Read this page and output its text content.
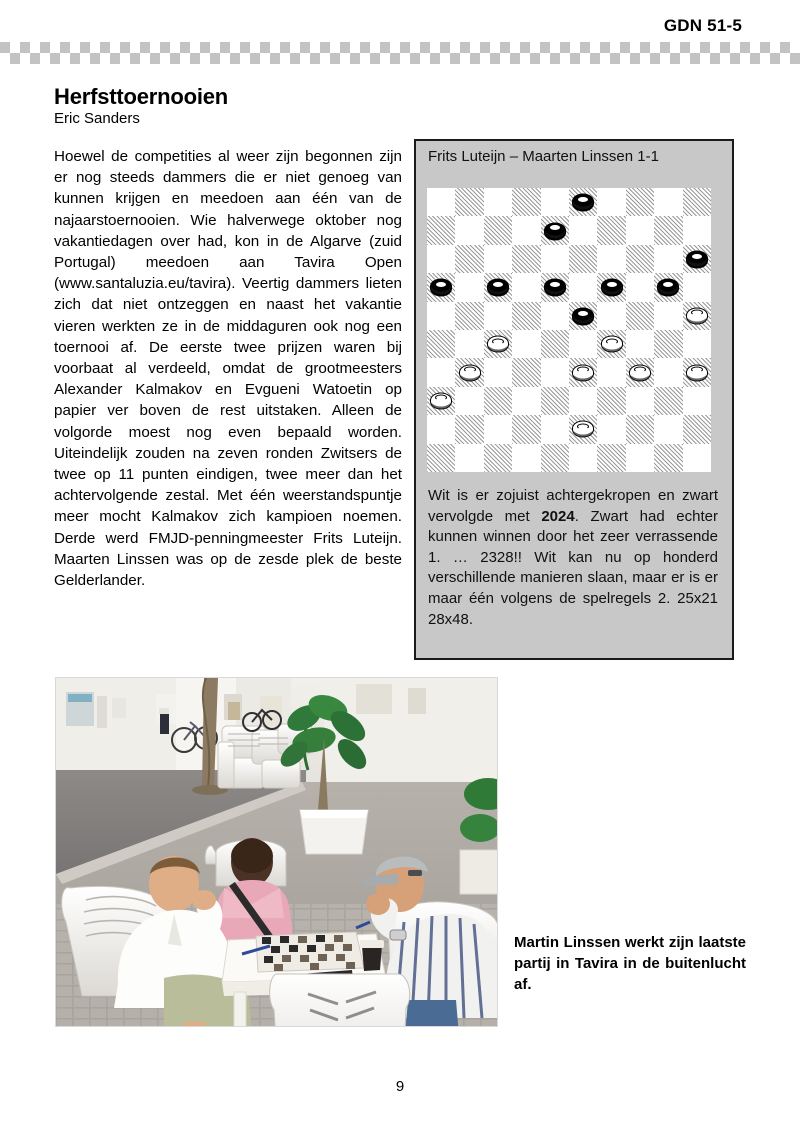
GDN 51-5
Herfsttoernooien
Eric Sanders
Hoewel de competities al weer zijn begonnen zijn er nog steeds dammers die er niet genoeg van kunnen krijgen en meedoen aan één van de najaarstoernooien. Wie halverwege oktober nog vakantiedagen over had, kon in de Algarve (zuid Portugal) meedoen aan Tavira Open (www.santaluzia.eu/tavira). Veertig dammers lieten zich dat niet ontzeggen en naast het vakantie vieren werkten ze in de middaguren ook nog een toernooi af. De eerste twee prijzen waren bij voorbaat al verdeeld, omdat de grootmeesters Alexander Kalmakov en Evgueni Watoetin op papier ver boven de rest uitstaken. Alleen de volgorde moest nog even bepaald worden. Uiteindelijk zouden na zeven ronden Zwitsers de twee op 11 punten eindigen, twee meer dan het achtervolgende zestal. Met één weerstandspuntje meer mocht Kalmakov zich kampioen noemen. Derde werd FMJD-penningmeester Frits Luteijn. Maarten Linssen was op de zesde plek de beste Gelderlander.
Frits Luteijn – Maarten Linssen 1-1
Wit is er zojuist achtergekropen en zwart vervolgde met 2024. Zwart had echter kunnen winnen door het zeer verrassende 1. … 2328!! Wit kan nu op honderd verschillende manieren slaan, maar er is er maar één volgens de spelregels 2. 25x21 28x48.
Martin Linssen werkt zijn laatste partij in Tavira in de buitenlucht af.
9
